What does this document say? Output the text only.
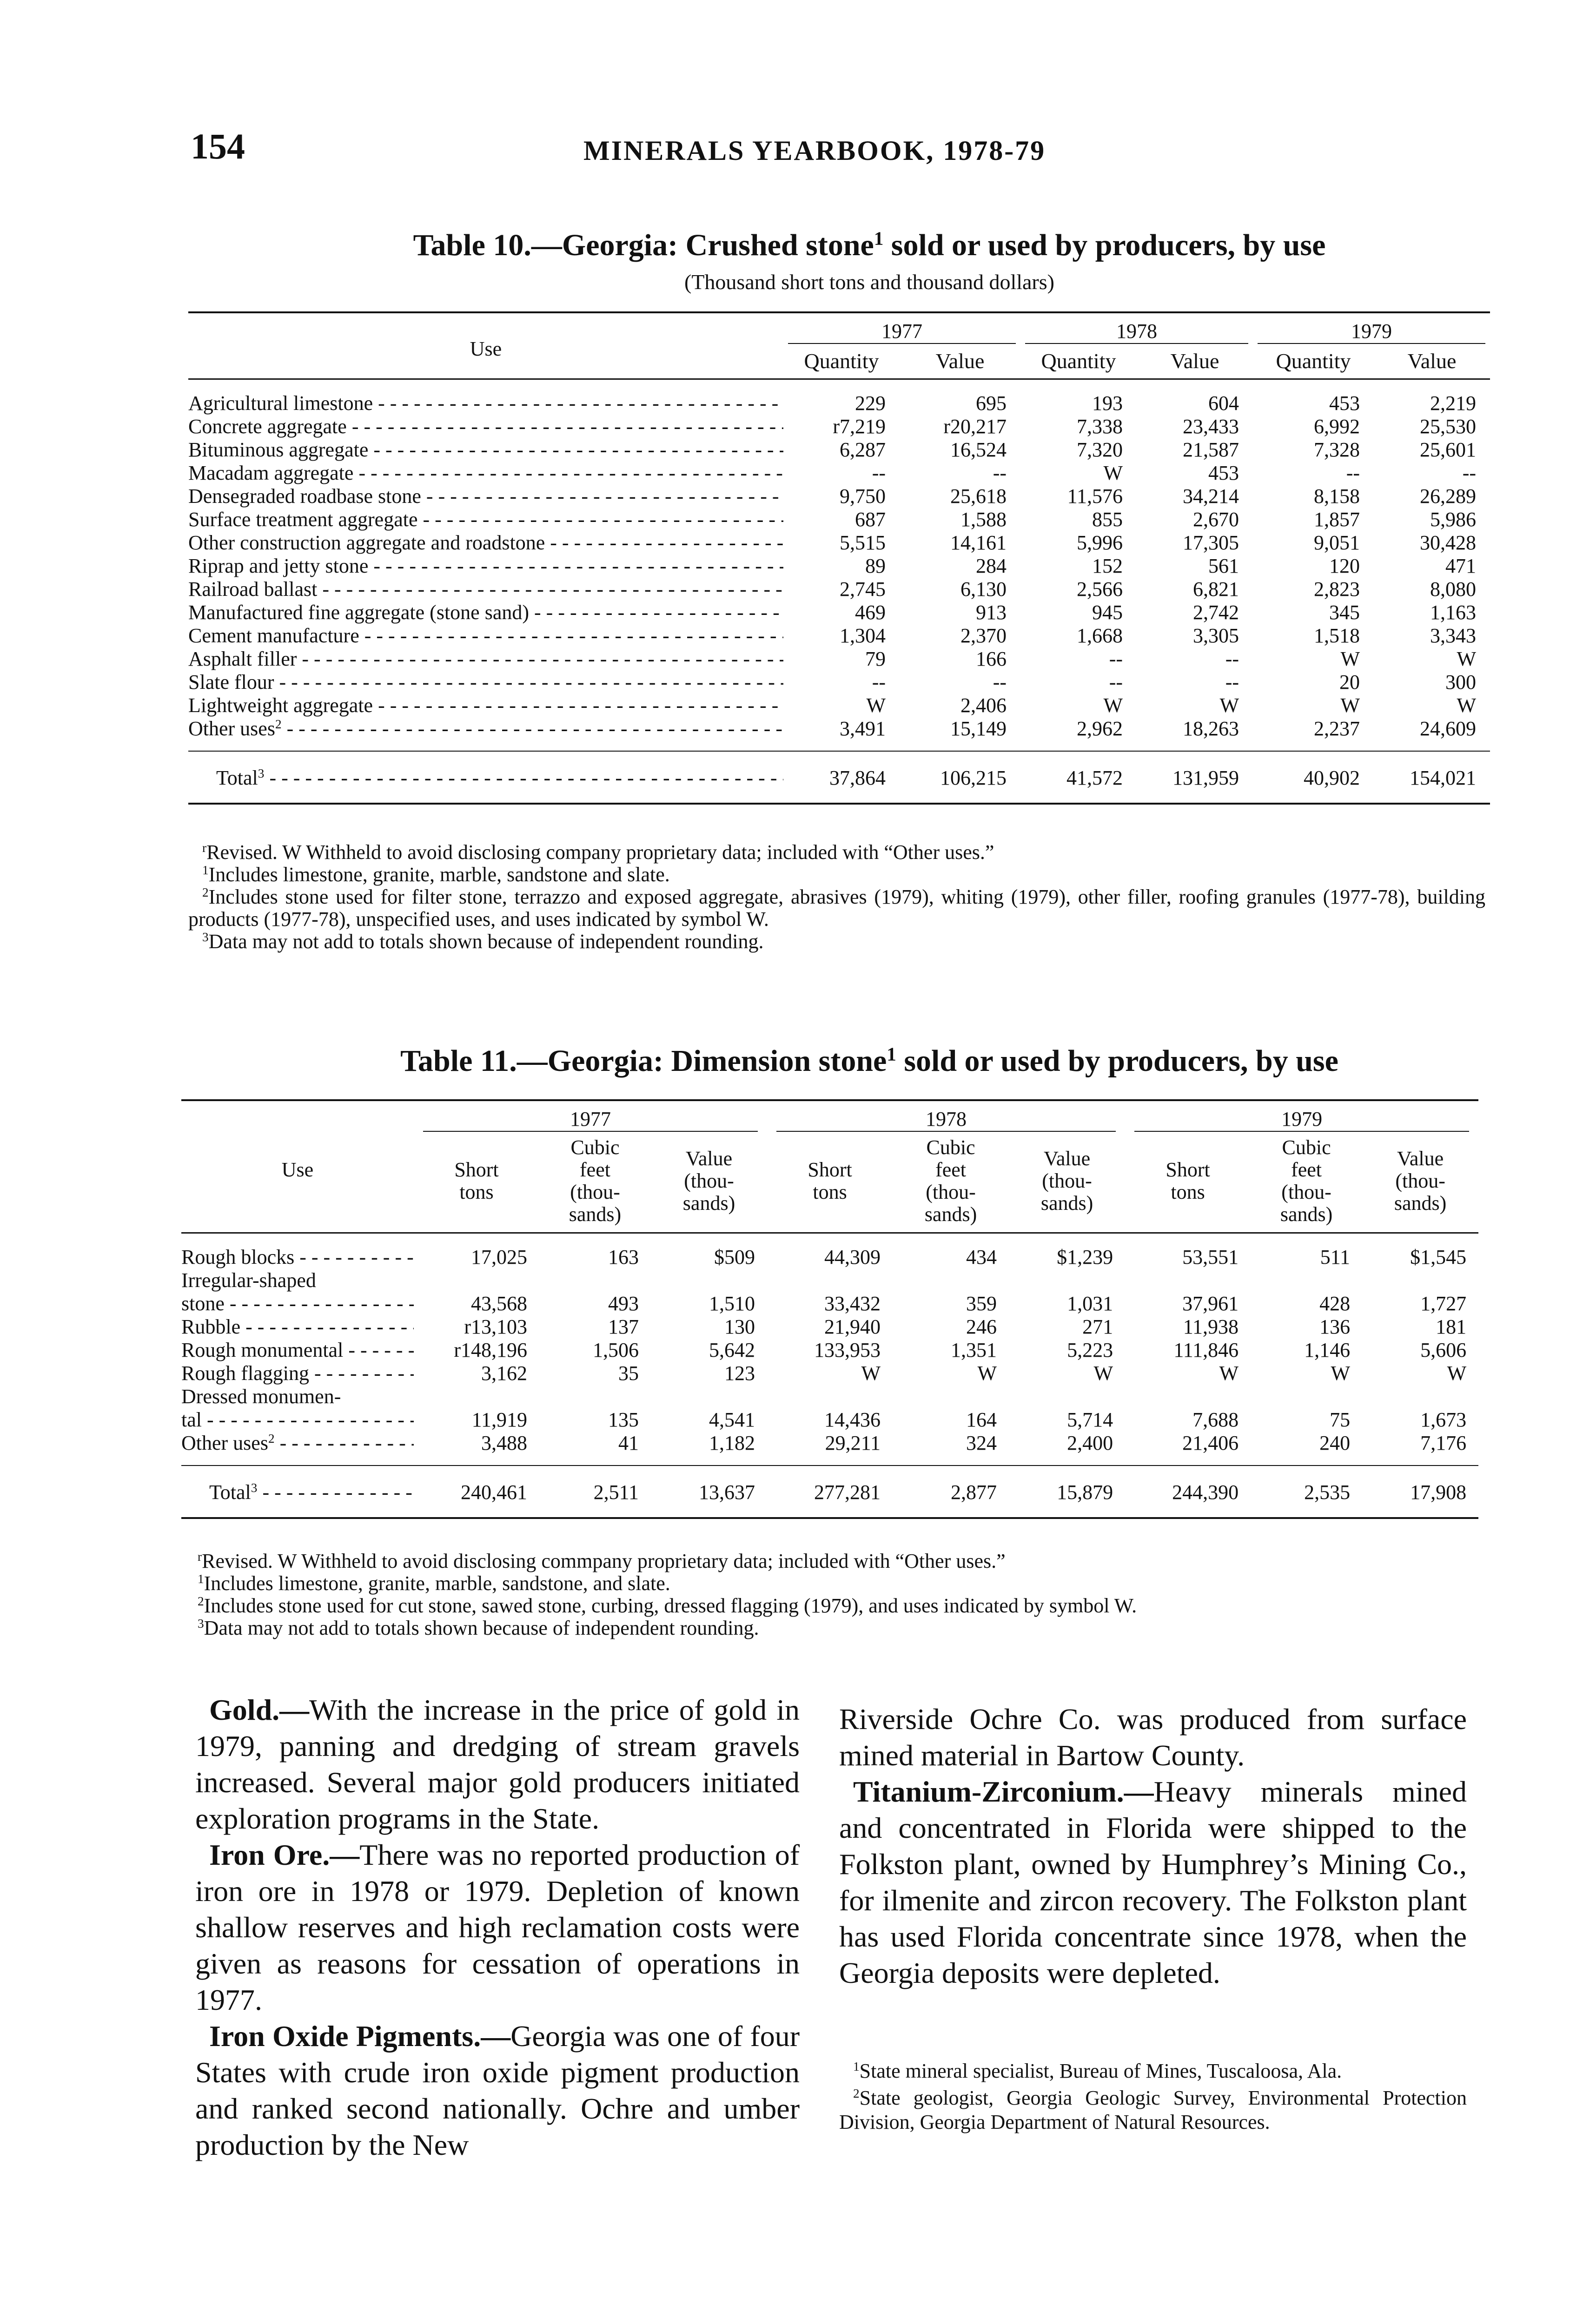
154	MINERALS YEARBOOK, 1978-79
Table 10.—Georgia: Crushed stone$^1$ sold or used by producers, by use
(Thousand short tons and thousand dollars)
Use	1977		1978		1979	

	Quantity	Value	Quantity	Value	Quantity	Value
Agricultural limestone - - -	229	695	193	604	453	2,219
Concrete aggregate - - -	r7,219	r20,217	7,338	23,433	6,992	25,530
Bituminous aggregate - - -	6,287	16,524	7,320	21,587	7,328	25,601
Macadam aggregate - - -	--	--	W	453	--	--
Densegraded roadbase stone - - -	9,750	25,618	11,576	34,214	8,158	26,289
Surface treatment aggregate - - -	687	1,588	855	2,670	1,857	5,986
Other construction aggregate and roadstone - - -	5,515	14,161	5,996	17,305	9,051	30,428
Riprap and jetty stone - - -	89	284	152	561	120	471
Railroad ballast - - -	2,745	6,130	2,566	6,821	2,823	8,080
Manufactured fine aggregate (stone sand) - - -	469	913	945	2,742	345	1,163
Cement manufacture - - -	1,304	2,370	1,668	3,305	1,518	3,343
Asphalt filler - - -	79	166	--	--	W	W
Slate flour - - -	--	--	--	--	20	300
Lightweight aggregate - - -	W	2,406	W	W	W	W
Other uses$^2$ - - -	3,491	15,149	2,962	18,263	2,237	24,609
Total$^3$ - - -	37,864	106,215	41,572	131,959	40,902	154,021
$^r$Revised. W Withheld to avoid disclosing company proprietary data; included with “Other uses.”
$^1$Includes limestone, granite, marble, sandstone and slate.
$^2$Includes stone used for filter stone, terrazzo and exposed aggregate, abrasives (1979), whiting (1979), other filler, roofing granules (1977-78), building products (1977-78), unspecified uses, and uses indicated by symbol W.
$^3$Data may not add to totals shown because of independent rounding.
Table 11.—Georgia: Dimension stone$^1$ sold or used by producers, by use
Use	1977			1978			1979		

	Short tons	Cubic feet (thou- sands)	Value (thou- sands)	Short tons	Cubic feet (thou- sands)	Value (thou- sands)	Short tons	Cubic feet (thou- sands)	Value (thou- sands)

Rough blocks - - -	17,025	163	$509	44,309	434	$1,239	53,551	511	$1,545
Irregular-shaped									
stone - - -	43,568	493	1,510	33,432	359	1,031	37,961	428	1,727
Rubble - - -	r13,103	137	130	21,940	246	271	11,938	136	181
Rough monumental - - -	r148,196	1,506	5,642	133,953	1,351	5,223	111,846	1,146	5,606
Rough flagging - - -	3,162	35	123	W	W	W	W	W	W
Dressed monumen-									
tal - - -	11,919	135	4,541	14,436	164	5,714	7,688	75	1,673
Other uses$^2$ - - -	3,488	41	1,182	29,211	324	2,400	21,406	240	7,176
Total$^3$ - - -	240,461	2,511	13,637	277,281	2,877	15,879	244,390	2,535	17,908
$^r$Revised. W Withheld to avoid disclosing commpany proprietary data; included with “Other uses.”
$^1$Includes limestone, granite, marble, sandstone, and slate.
$^2$Includes stone used for cut stone, sawed stone, curbing, dressed flagging (1979), and uses indicated by symbol W.
$^3$Data may not add to totals shown because of independent rounding.

Gold.—With the increase in the price of gold in 1979, panning and dredging of stream gravels increased. Several major gold producers initiated exploration programs in the State.

Iron Ore.—There was no reported production of iron ore in 1978 or 1979. Depletion of known shallow reserves and high reclamation costs were given as reasons for cessation of operations in 1977.

Iron Oxide Pigments.—Georgia was one of four States with crude iron oxide pigment production and ranked second nationally. Ochre and umber production by the New

Riverside Ochre Co. was produced from surface mined material in Bartow County.

Titanium-Zirconium.—Heavy minerals mined and concentrated in Florida were shipped to the Folkston plant, owned by Humphrey’s Mining Co., for ilmenite and zircon recovery. The Folkston plant has used Florida concentrate since 1978, when the Georgia deposits were depleted.

$^1$State mineral specialist, Bureau of Mines, Tuscaloosa, Ala.

$^2$State geologist, Georgia Geologic Survey, Environmental Protection Division, Georgia Department of Natural Resources.
